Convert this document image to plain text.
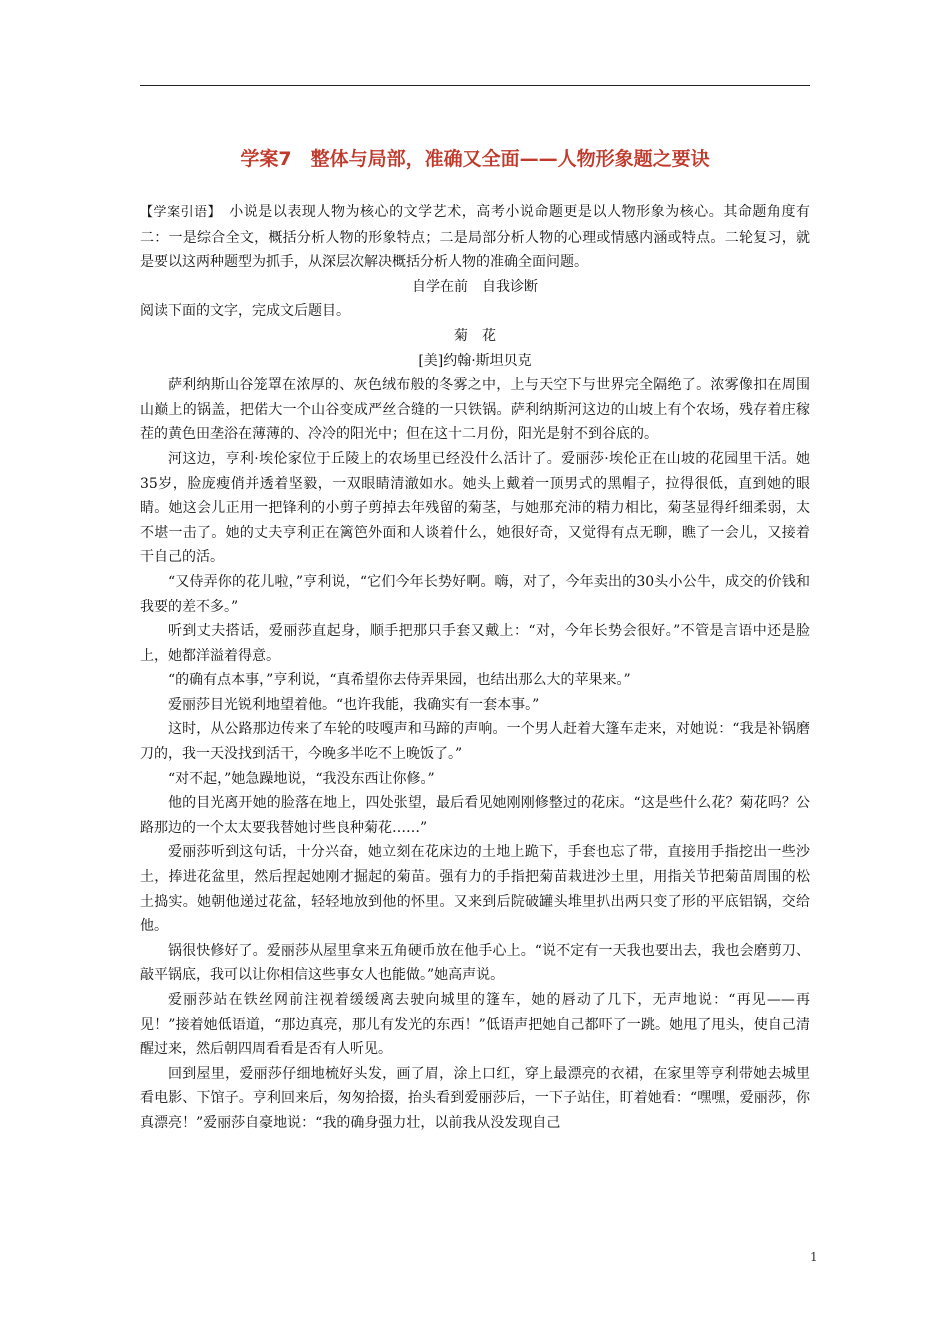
学案7　整体与局部，准确又全面——人物形象题之要诀

【学案引语】　小说是以表现人物为核心的文学艺术，高考小说命题更是以人物形象为核心。其命题角度有二：一是综合全文，概括分析人物的形象特点；二是局部分析人物的心理或情感内涵或特点。二轮复习，就是要以这两种题型为抓手，从深层次解决概括分析人物的准确全面问题。

自学在前　自我诊断

阅读下面的文字，完成文后题目。

菊　花

[美]约翰·斯坦贝克

萨利纳斯山谷笼罩在浓厚的、灰色绒布般的冬雾之中，上与天空下与世界完全隔绝了。浓雾像扣在周围山巅上的锅盖，把偌大一个山谷变成严丝合缝的一只铁锅。萨利纳斯河这边的山坡上有个农场，残存着庄稼茬的黄色田垄浴在薄薄的、冷冷的阳光中；但在这十二月份，阳光是射不到谷底的。

河这边，亨利·埃伦家位于丘陵上的农场里已经没什么活计了。爱丽莎·埃伦正在山坡的花园里干活。她35岁，脸庞瘦俏并透着坚毅，一双眼睛清澈如水。她头上戴着一顶男式的黑帽子，拉得很低，直到她的眼睛。她这会儿正用一把锋利的小剪子剪掉去年残留的菊茎，与她那充沛的精力相比，菊茎显得纤细柔弱，太不堪一击了。她的丈夫亨利正在篱笆外面和人谈着什么，她很好奇，又觉得有点无聊，瞧了一会儿，又接着干自己的活。

“又侍弄你的花儿啦，”亨利说，“它们今年长势好啊。嗨，对了，今年卖出的30头小公牛，成交的价钱和我要的差不多。”

听到丈夫搭话，爱丽莎直起身，顺手把那只手套又戴上：“对，今年长势会很好。”不管是言语中还是脸上，她都洋溢着得意。

“的确有点本事，”亨利说，“真希望你去侍弄果园，也结出那么大的苹果来。”

爱丽莎目光锐利地望着他。“也许我能，我确实有一套本事。”

这时，从公路那边传来了车轮的吱嘎声和马蹄的声响。一个男人赶着大篷车走来，对她说：“我是补锅磨刀的，我一天没找到活干，今晚多半吃不上晚饭了。”

“对不起，”她急躁地说，“我没东西让你修。”

他的目光离开她的脸落在地上，四处张望，最后看见她刚刚修整过的花床。“这是些什么花？菊花吗？公路那边的一个太太要我替她讨些良种菊花……”

爱丽莎听到这句话，十分兴奋，她立刻在花床边的土地上跪下，手套也忘了带，直接用手指挖出一些沙土，捧进花盆里，然后捏起她刚才掘起的菊苗。强有力的手指把菊苗栽进沙土里，用指关节把菊苗周围的松土捣实。她朝他递过花盆，轻轻地放到他的怀里。又来到后院破罐头堆里扒出两只变了形的平底铝锅，交给他。

锅很快修好了。爱丽莎从屋里拿来五角硬币放在他手心上。“说不定有一天我也要出去，我也会磨剪刀、敲平锅底，我可以让你相信这些事女人也能做。”她高声说。

爱丽莎站在铁丝网前注视着缓缓离去驶向城里的篷车，她的唇动了几下，无声地说：“再见——再见！”接着她低语道，“那边真亮，那儿有发光的东西！”低语声把她自己都吓了一跳。她甩了甩头，使自己清醒过来，然后朝四周看看是否有人听见。

回到屋里，爱丽莎仔细地梳好头发，画了眉，涂上口红，穿上最漂亮的衣裙，在家里等亨利带她去城里看电影、下馆子。亨利回来后，匆匆拾掇，抬头看到爱丽莎后，一下子站住，盯着她看：“嘿嘿，爱丽莎，你真漂亮！”爱丽莎自豪地说：“我的确身强力壮，以前我从没发现自己

1
